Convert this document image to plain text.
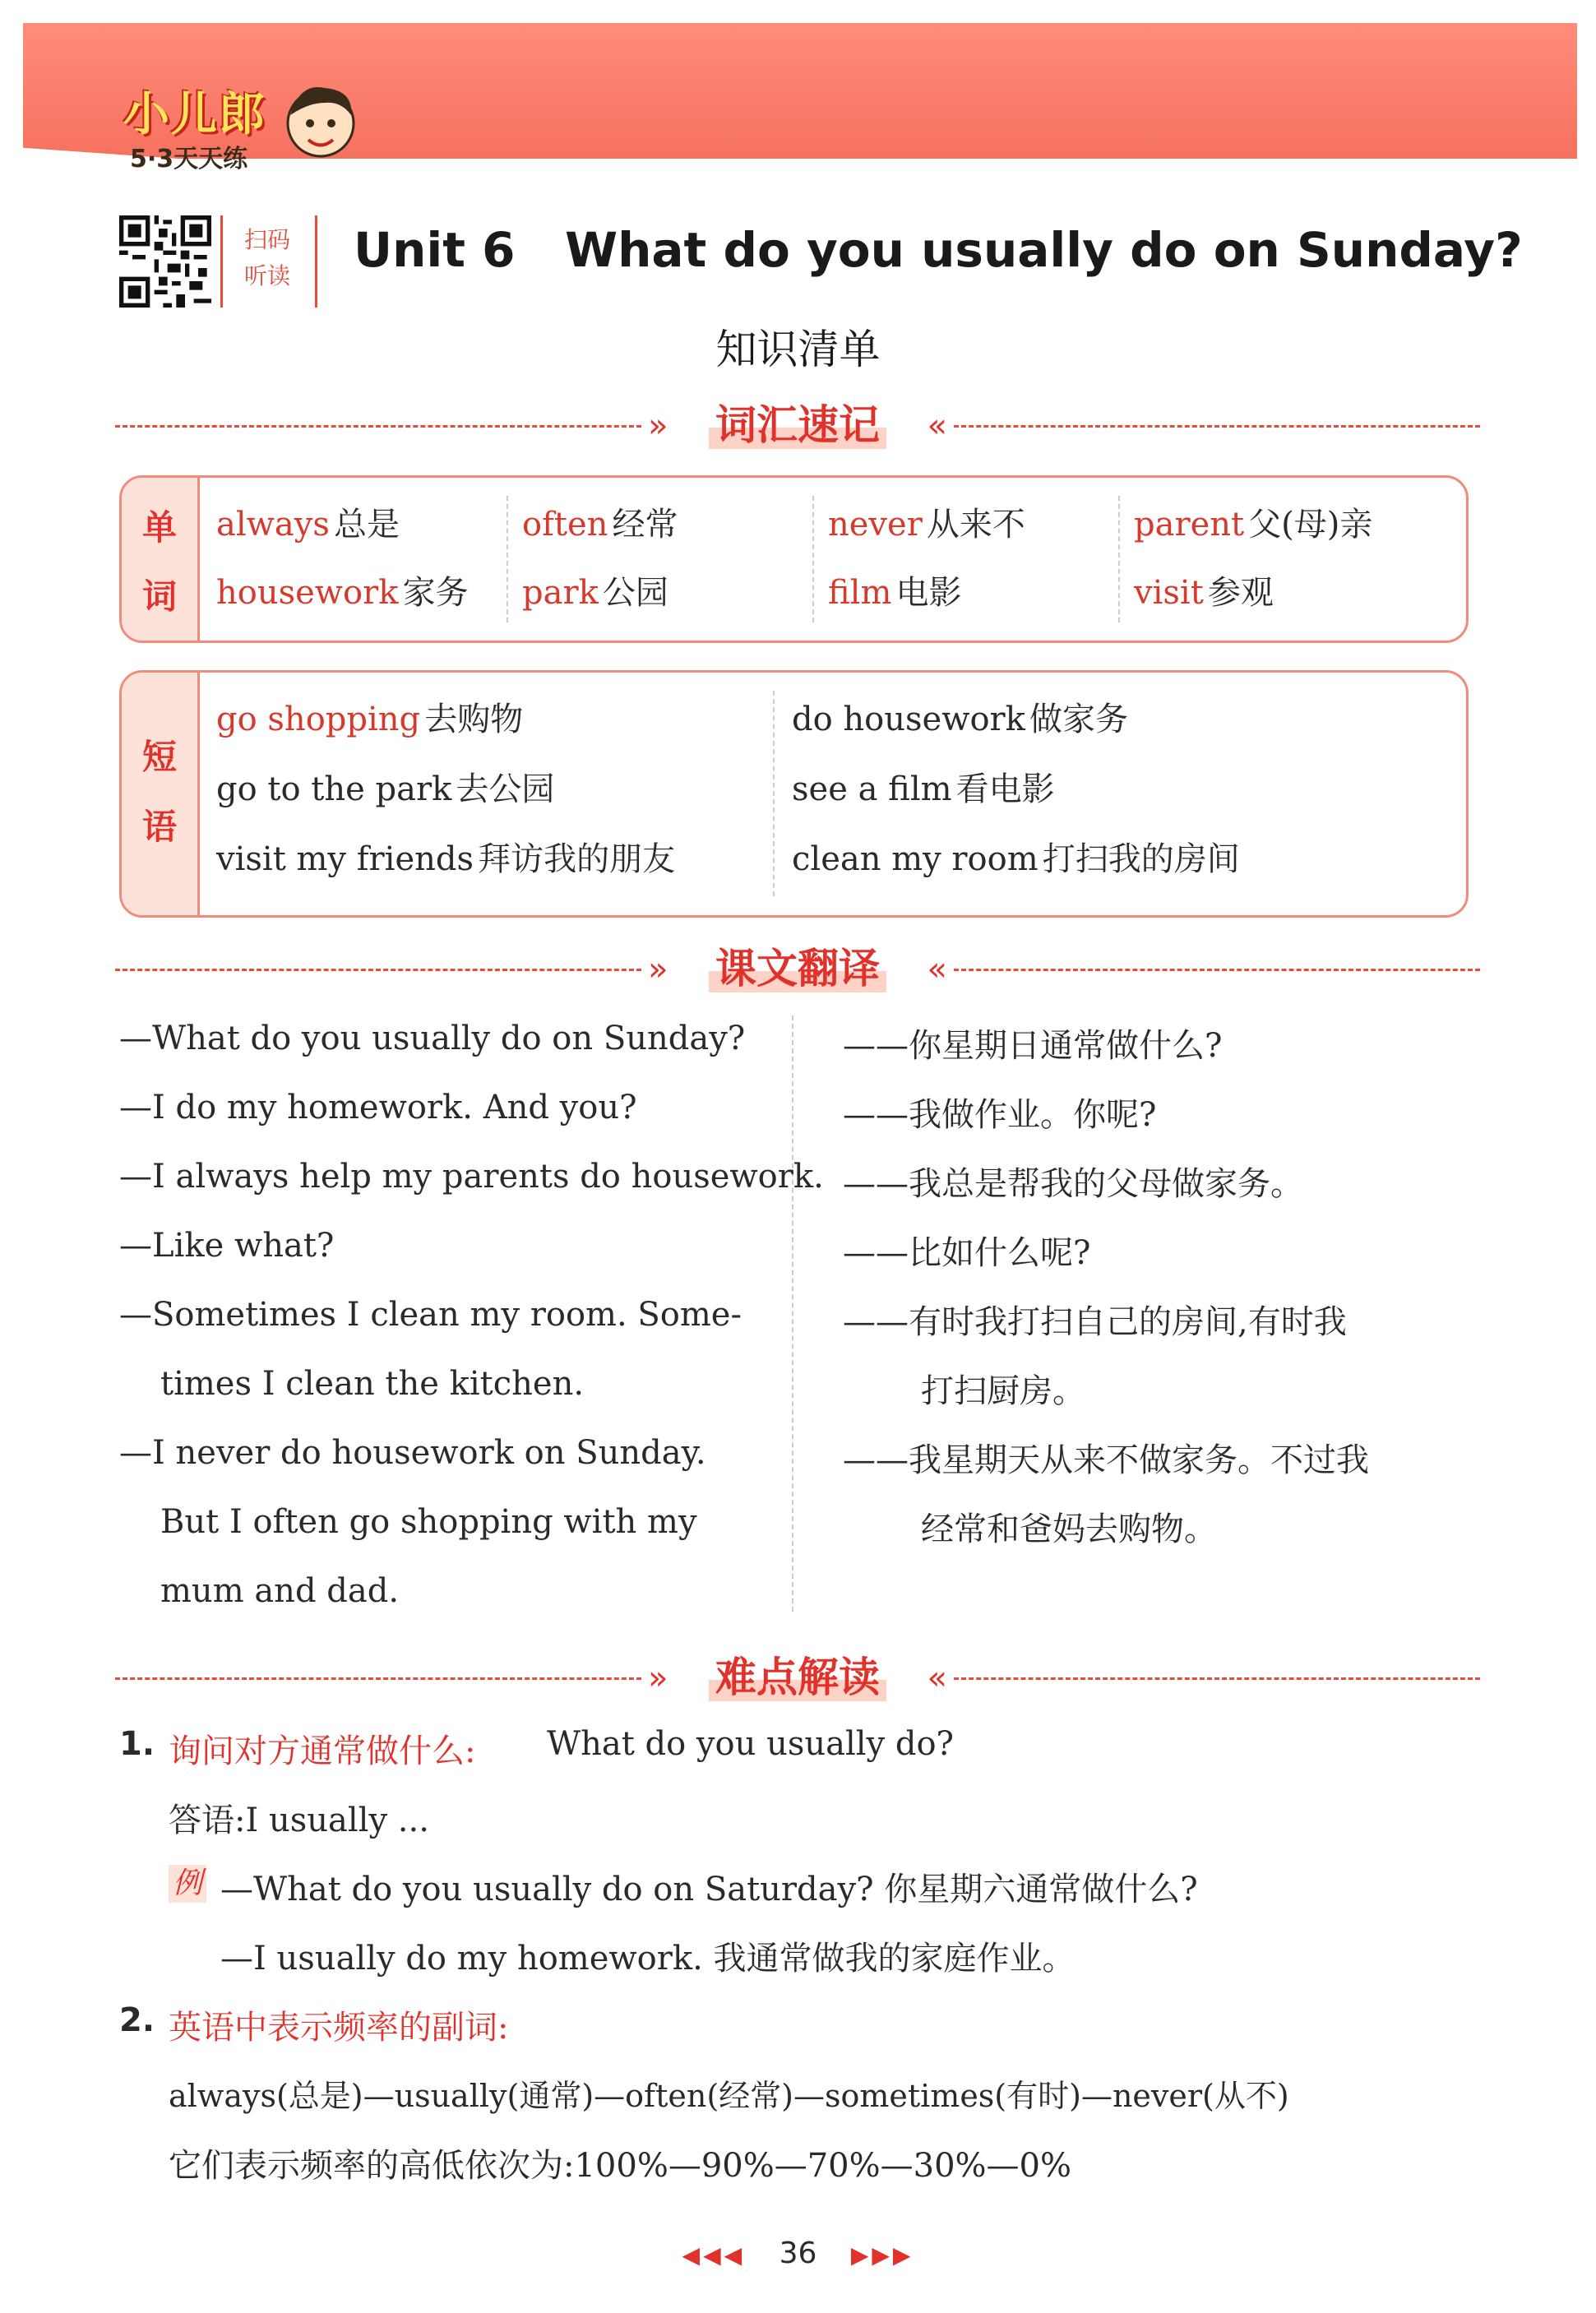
小儿郎
5·3天天练
扫码听读 Unit 6   What do you usually do on Sunday?
知识清单
»	«
词汇速记
单
词
always 总是	often 经常	never 从来不	parent 父(母)亲
housework 家务 park 公园	film 电影	visit 参观
短
语
go shopping 去购物	do housework 做家务
go to the park 去公园	see a film 看电影
visit my friends 拜访我的朋友	clean my room 打扫我的房间
»	«
课文翻译
—What do you usually do on Sunday?
—I do my homework. And you?
—I always help my parents do housework.
—Like what?
—Sometimes I clean my room. Some-
times I clean the kitchen.
—I never do housework on Sunday.
But I often go shopping with my
mum and dad.
——你星期日通常做什么?
——我做作业。你呢?
——我总是帮我的父母做家务。
——比如什么呢?
——有时我打扫自己的房间,有时我
打扫厨房。
——我星期天从来不做家务。不过我
经常和爸妈去购物。
»	«
难点解读
1. 询问对方通常做什么: What do you usually do?
答语:I usually ...
例 —What do you usually do on Saturday? 你星期六通常做什么?
—I usually do my homework. 我通常做我的家庭作业。
2. 英语中表示频率的副词:
always(总是)—usually(通常)—often(经常)—sometimes(有时)—never(从不)
它们表示频率的高低依次为:100%—90%—70%—30%—0%
◀◀◀ 36 ▶▶▶
